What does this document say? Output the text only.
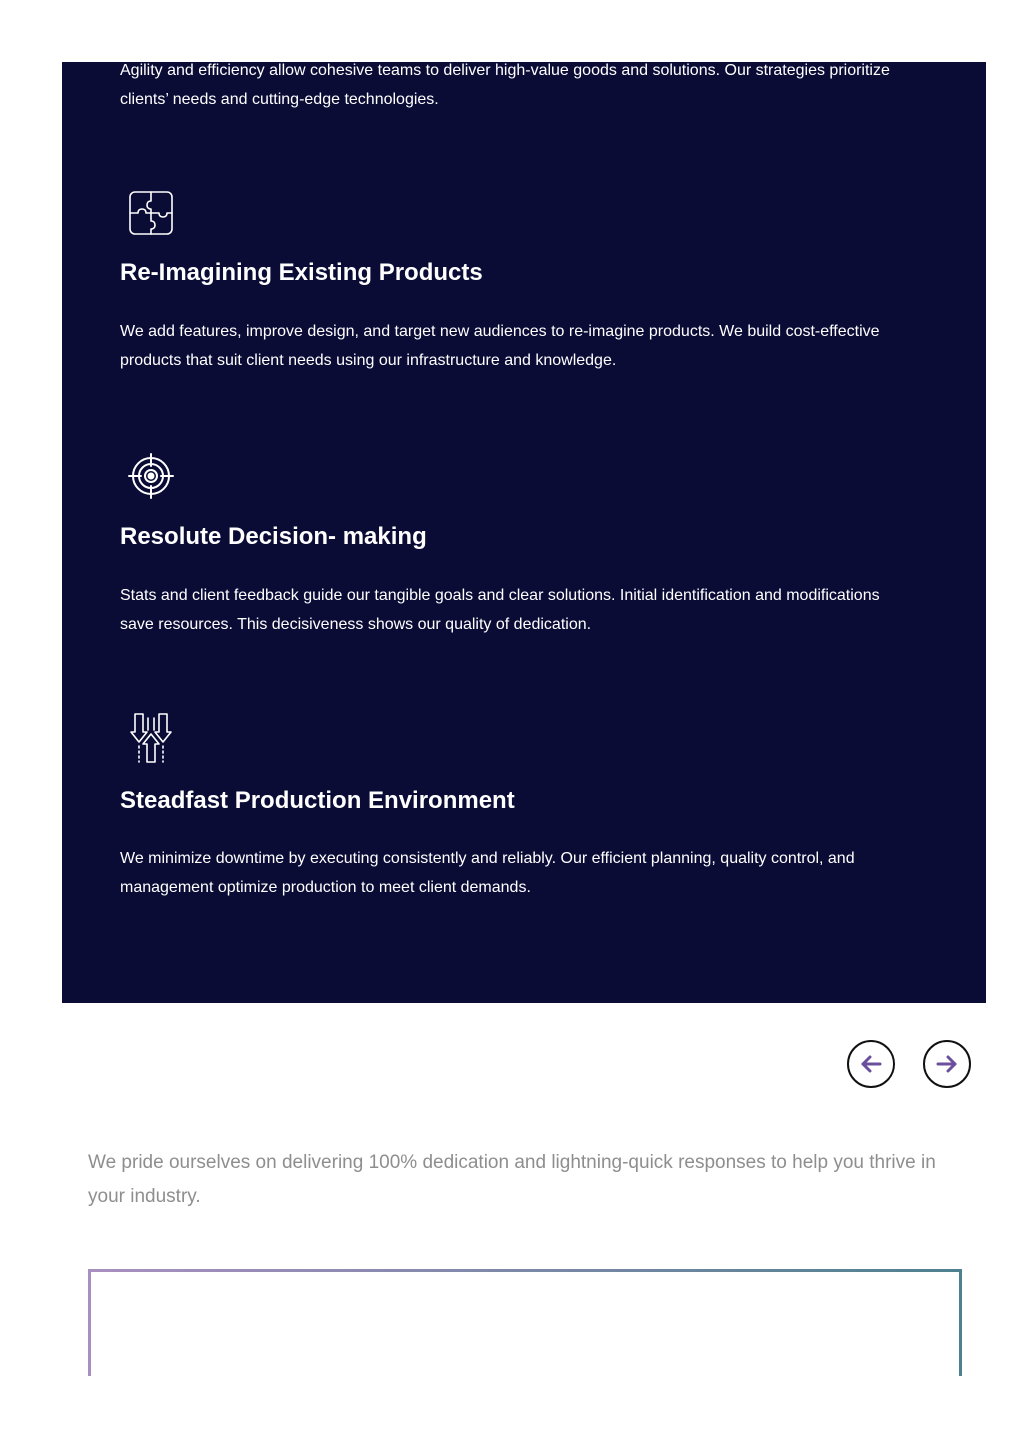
Agility and efficiency allow cohesive teams to deliver high-value goods and solutions. Our strategies prioritize clients’ needs and cutting-edge technologies.

Re-Imagining Existing Products

We add features, improve design, and target new audiences to re-imagine products. We build cost-effective products that suit client needs using our infrastructure and knowledge.

Resolute Decision- making

Stats and client feedback guide our tangible goals and clear solutions. Initial identification and modifications save resources. This decisiveness shows our quality of dedication.

Steadfast Production Environment

We minimize downtime by executing consistently and reliably. Our efficient planning, quality control, and management optimize production to meet client demands.

We pride ourselves on delivering 100% dedication and lightning-quick responses to help you thrive in your industry.
